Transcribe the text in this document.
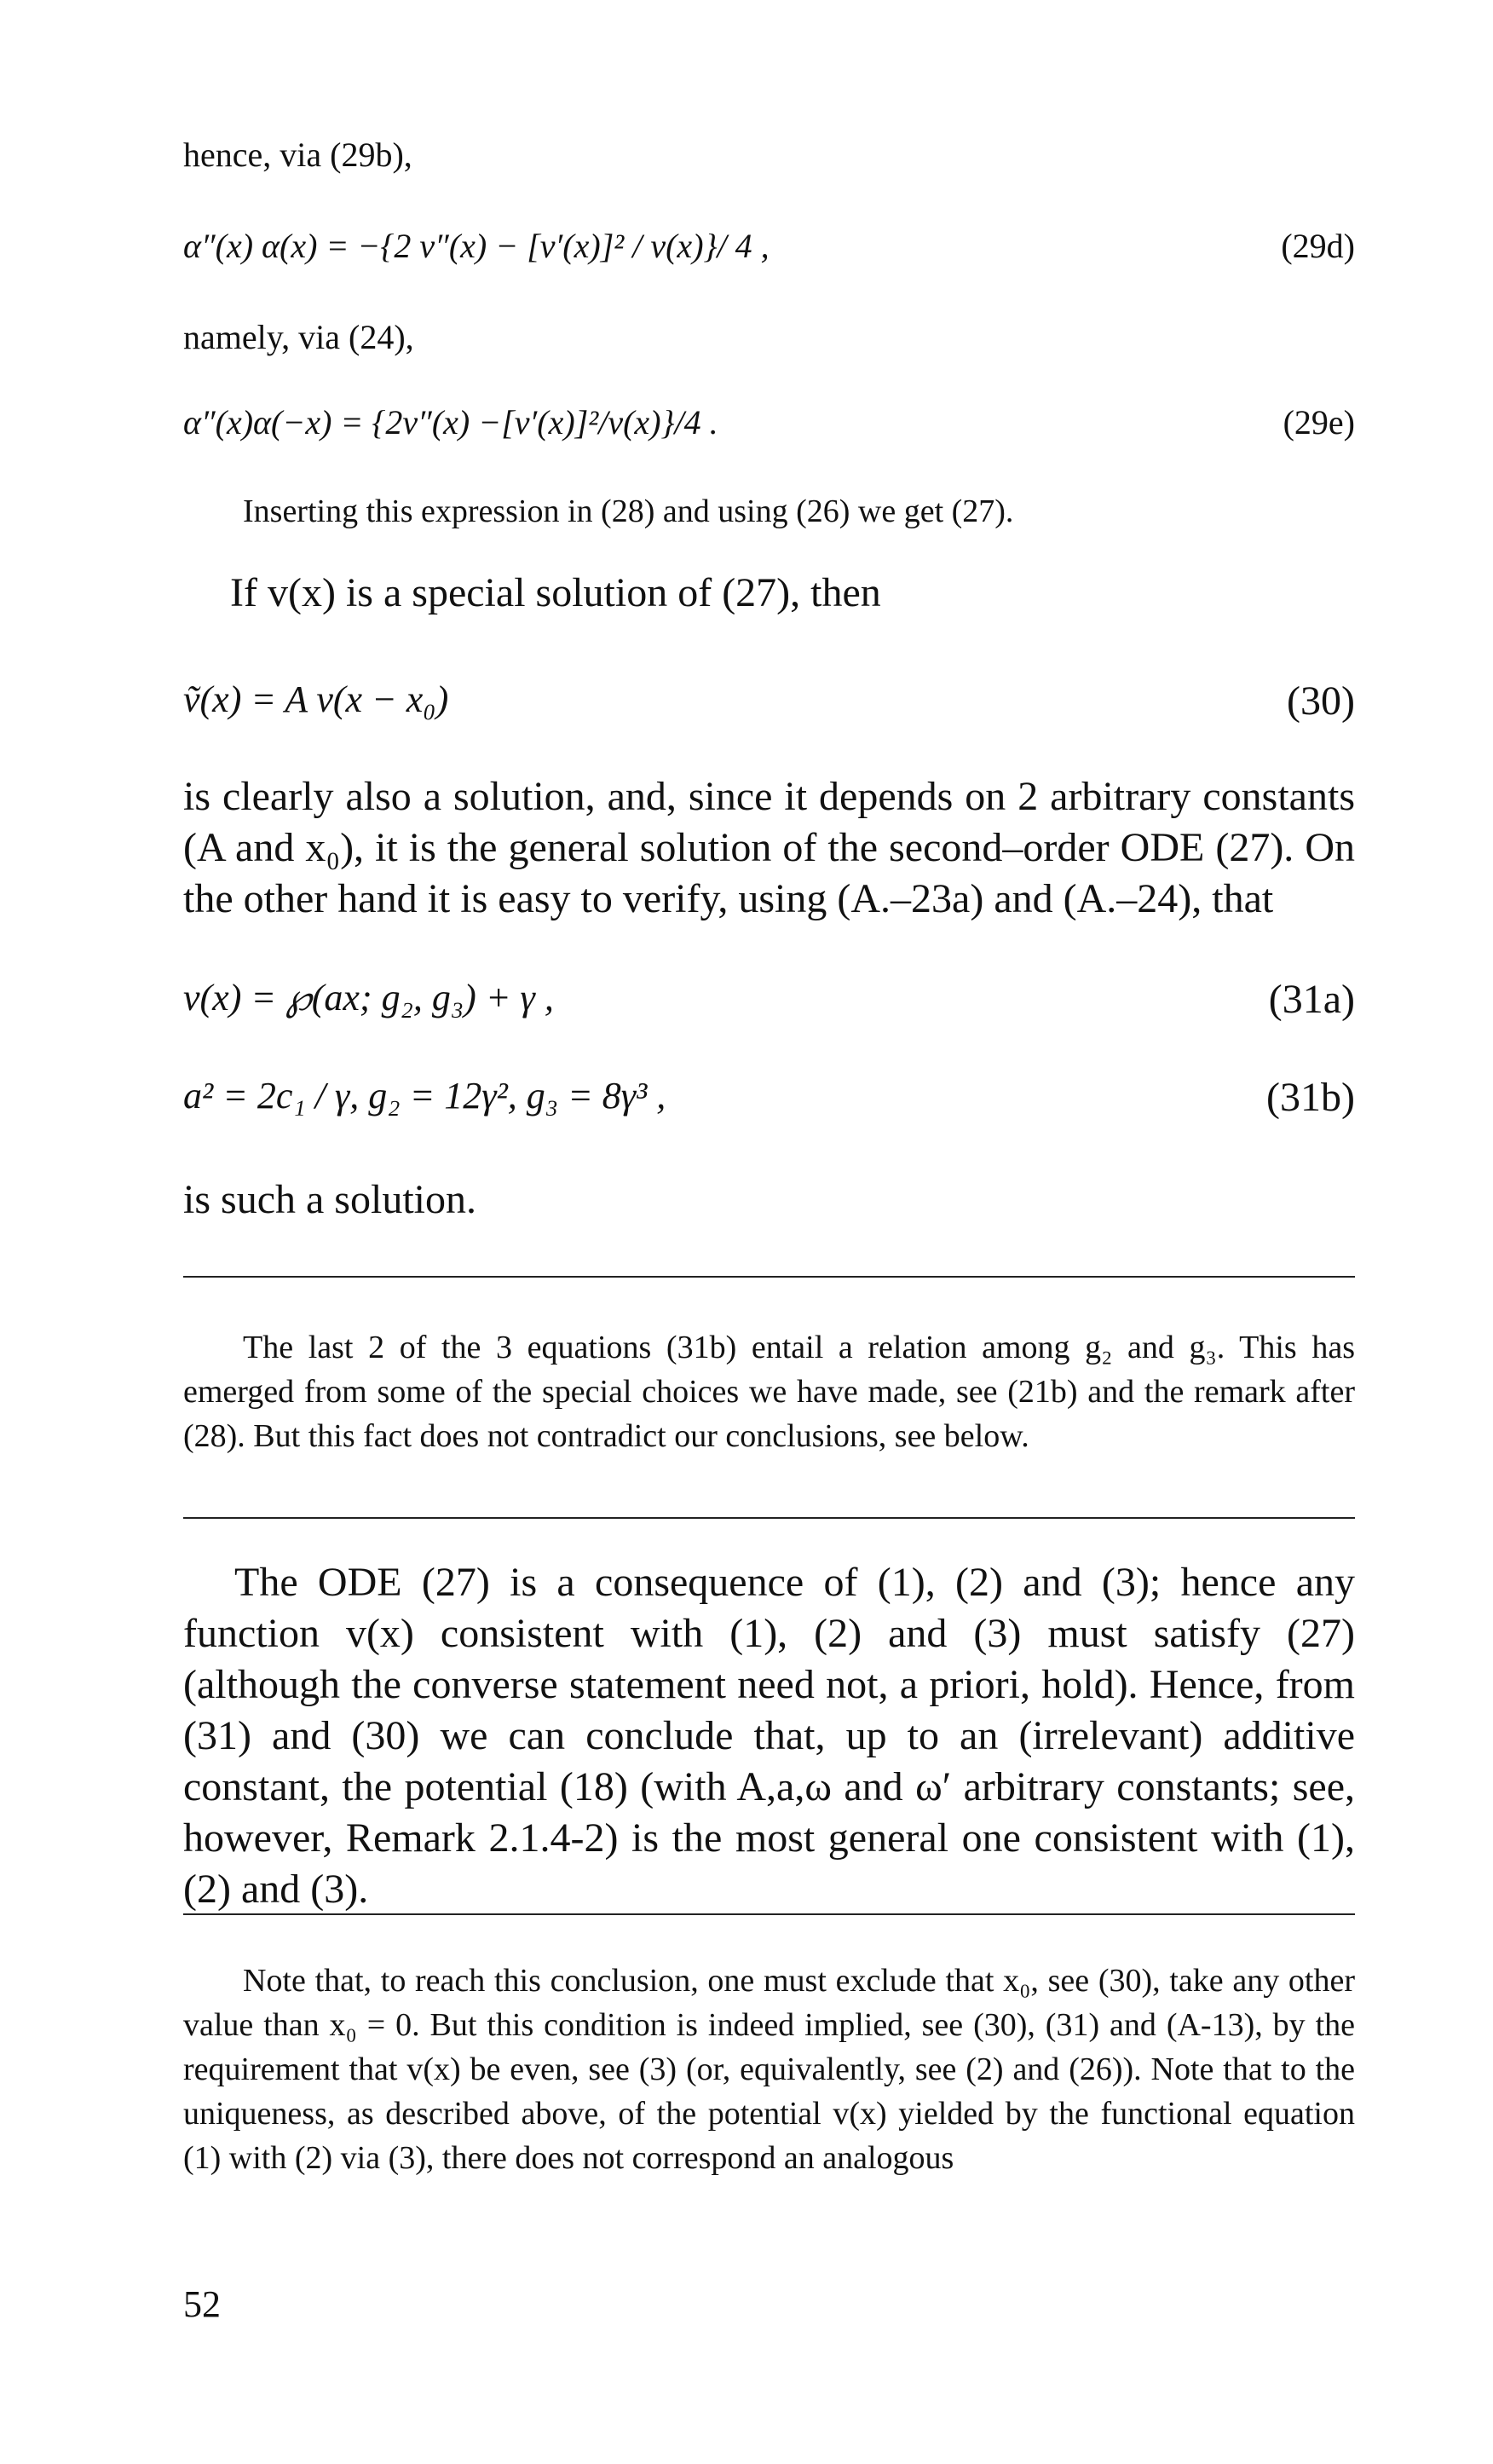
hence, via (29b),
α″(x) α(x) = −{2 v″(x) − [v′(x)]² / v(x)}/ 4 ,	(29d)
namely, via (24),
α″(x)α(−x) = {2v″(x) −[v′(x)]²/v(x)}/4 .	(29e)
Inserting this expression in (28) and using (26) we get (27).
If v(x) is a special solution of (27), then
ṽ(x) = A v(x − x₀)	(30)
is clearly also a solution, and, since it depends on 2 arbitrary constants (A and x₀), it is the general solution of the second–order ODE (27). On the other hand it is easy to verify, using (A.–23a) and (A.–24), that
v(x) = ℘(ax; g₂, g₃) + γ ,	(31a)
a² = 2c₁ / γ, g₂ = 12γ², g₃ = 8γ³ ,	(31b)
is such a solution.
The last 2 of the 3 equations (31b) entail a relation among g₂ and g₃. This has emerged from some of the special choices we have made, see (21b) and the remark after (28). But this fact does not contradict our conclusions, see below.
The ODE (27) is a consequence of (1), (2) and (3); hence any function v(x) consistent with (1), (2) and (3) must satisfy (27) (although the converse statement need not, a priori, hold). Hence, from (31) and (30) we can conclude that, up to an (irrelevant) additive constant, the potential (18) (with A,a,ω and ω′ arbitrary constants; see, however, Remark 2.1.4-2) is the most general one consistent with (1), (2) and (3).
Note that, to reach this conclusion, one must exclude that x₀, see (30), take any other value than x₀ = 0. But this condition is indeed implied, see (30), (31) and (A-13), by the requirement that v(x) be even, see (3) (or, equivalently, see (2) and (26)). Note that to the uniqueness, as described above, of the potential v(x) yielded by the functional equation (1) with (2) via (3), there does not correspond an analogous
52
